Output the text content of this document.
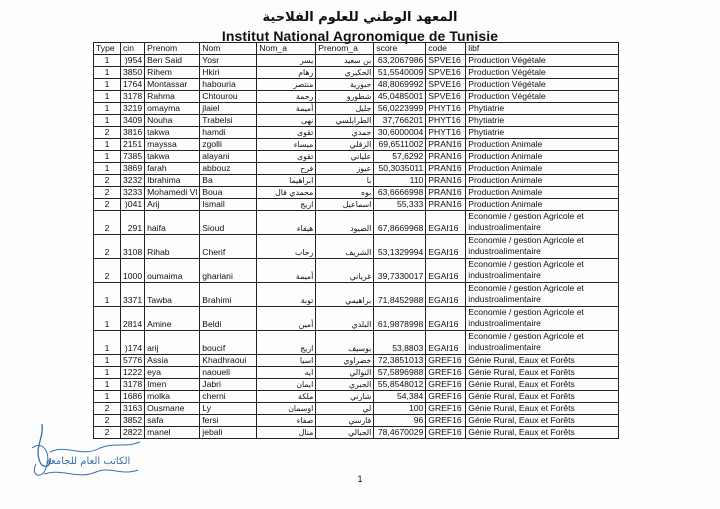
المعهد الوطني للعلوم الفلاحية
Institut National Agronomique de Tunisie
Type	cin	Prenom	Nom	Nom_a	Prenom_a	score	code	libf
1	)954	Ben Said	Yosr	يسر	بن سعيد	63,2067986	SPVE16	Production Végétale
1	3850	Rihem	Hkiri	رهام	الحكيري	51,5540009	SPVE16	Production Végétale
1	1764	Montassar	habouria	منتصر	حبورية	48,8069992	SPVE16	Production Végétale
1	3178	Rahma	Chtourou	رحمة	شطورو	45,0485001	SPVE16	Production Végétale
1	3219	omayma	jlaiel	أميمة	جليل	56,0223999	PHYT16	Phytiatrie
1	3409	Nouha	Trabelsi	نهى	الطرابلسي	37,766201	PHYT16	Phytiatrie
2	3816	takwa	hamdi	تقوى	حمدي	30,6000004	PHYT16	Phytiatrie
1	2151	mayssa	zgolli	ميساء	الزقلي	69,6511002	PRAN16	Production Animale
1	7385	takwa	alayani	تقوى	علياني	57,6292	PRAN16	Production Animale
1	3869	farah	abbouz	فرح	عبوز	50,3035011	PRAN16	Production Animale
2	3232	Ibrahima	Ba	ابراهيما	با	110	PRAN16	Production Animale
2	3233	Mohamedi Vl	Boua	محمدي فال	بوه	63,6666998	PRAN16	Production Animale
2	)041	Arij	Ismail	اريج	اسماعيل	55,333	PRAN16	Production Animale
2	291	haifa	Sioud	هيفاء	الصيود	67,8669968	EGAI16	Economie / gestion Agricole et industroalimentaire
2	3108	Rihab	Cherif	رحاب	الشريف	53,1329994	EGAI16	Economie / gestion Agricole et industroalimentaire
2	1000	oumaima	ghariani	أميمة	غرياني	39,7330017	EGAI16	Economie / gestion Agricole et industroalimentaire
1	3371	Tawba	Brahimi	توبة	براهيمي	71,8452988	EGAI16	Economie / gestion Agricole et industroalimentaire
1	2814	Amine	Beldi	أمين	البلدي	61,9878998	EGAI16	Economie / gestion Agricole et industroalimentaire
1	)174	arij	boucif	اريج	بوسيف	53,8803	EGAI16	Economie / gestion Agricole et industroalimentaire
1	5776	Assia	Khadhraoui	اسيا	خضراوي	72,3851013	GREF16	Génie Rural, Eaux et Forêts
1	1222	eya	naoueli	ايه	النوالي	57,5896988	GREF16	Génie Rural, Eaux et Forêts
1	3178	Imen	Jabri	ايمان	الجبري	55,8548012	GREF16	Génie Rural, Eaux et Forêts
1	1686	molka	cherni	ملكة	شارني	54,384	GREF16	Génie Rural, Eaux et Forêts
2	3163	Ousmane	Ly	اوسمان	لي	100	GREF16	Génie Rural, Eaux et Forêts
2	3852	safa	fersi	صفاء	فارسي	96	GREF16	Génie Rural, Eaux et Forêts
2	2822	manel	jebali	منال	الجبالي	78,4670029	GREF16	Génie Rural, Eaux et Forêts
الكاتب العام للجامعة
1
